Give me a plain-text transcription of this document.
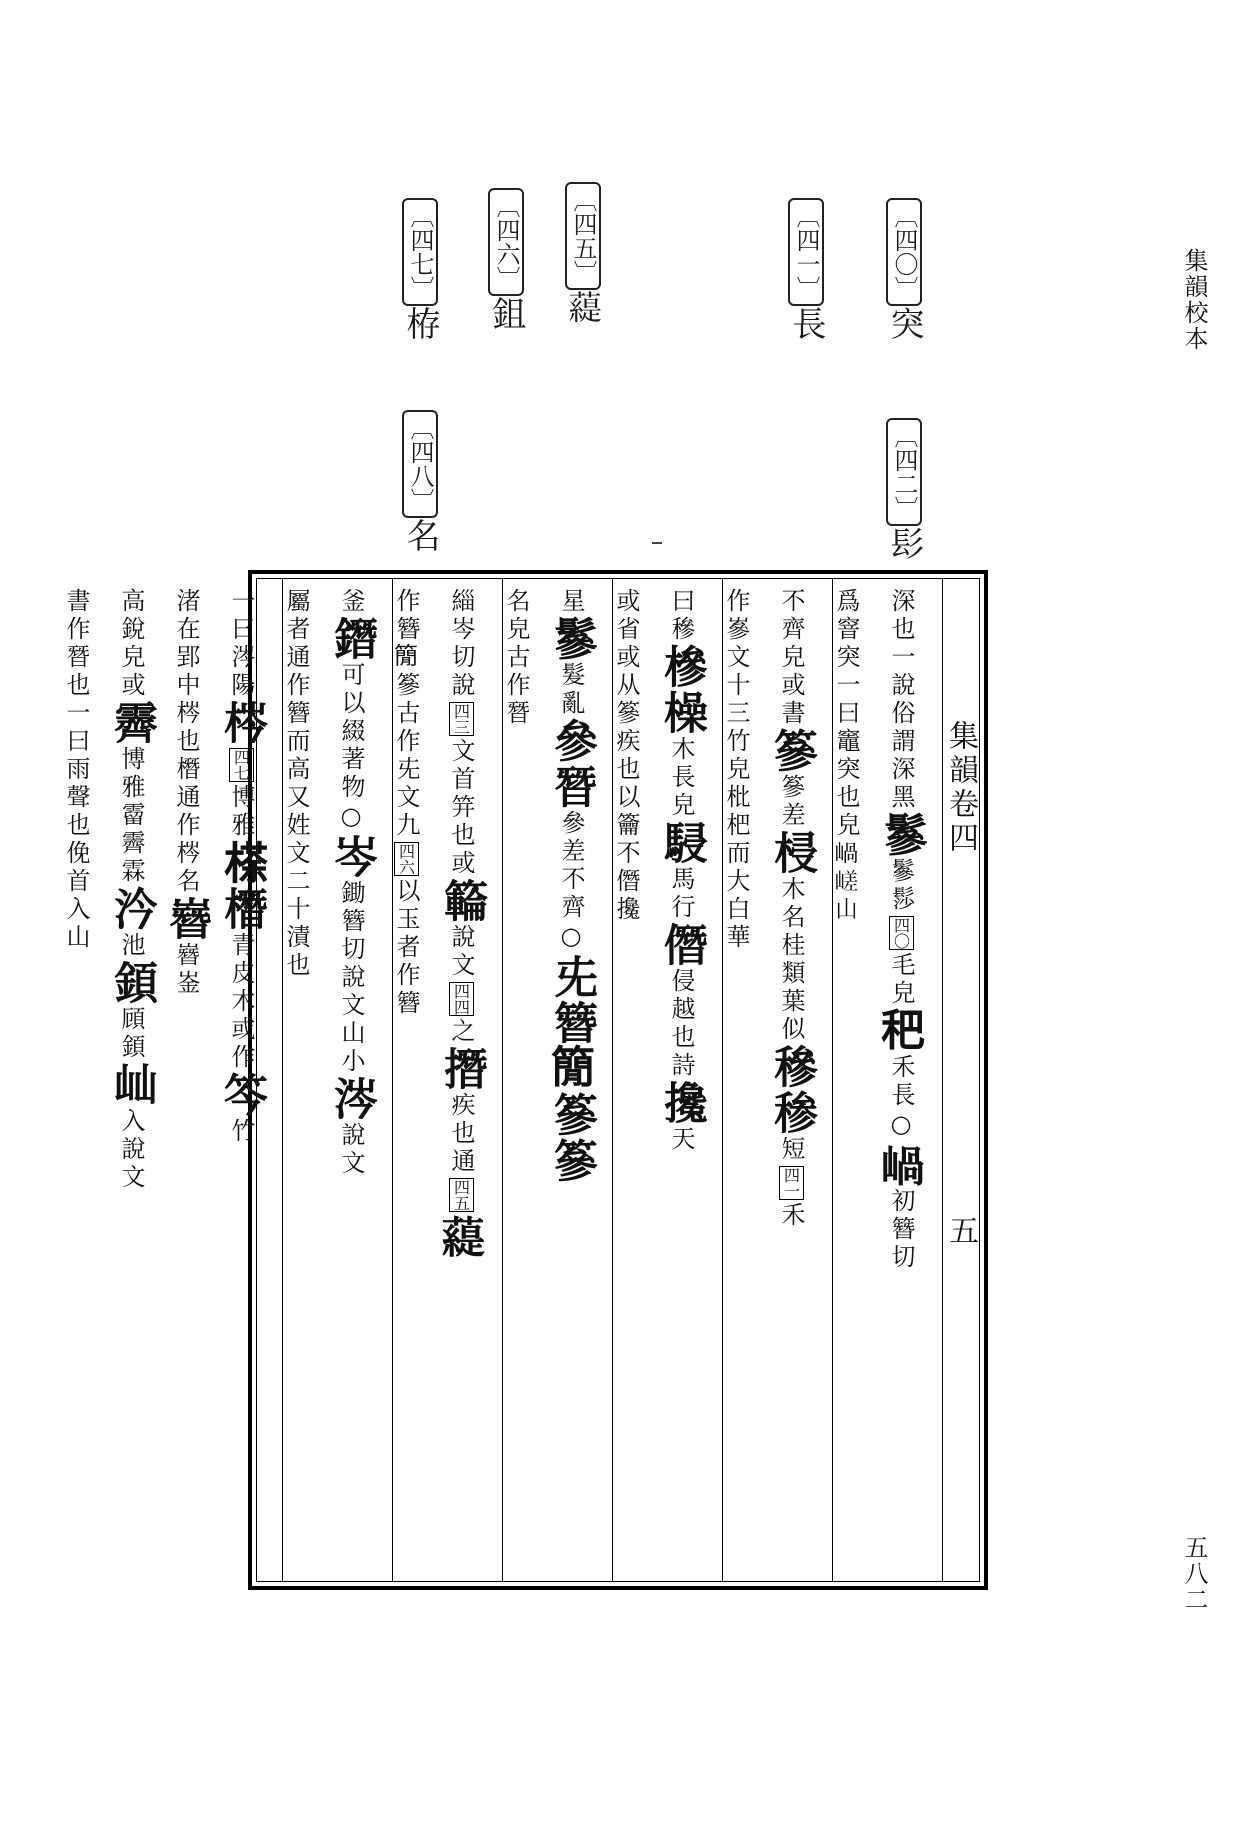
集韻校本
五八二
〔四〇〕突
〔四一〕長
〔四五〕𧀠
〔四六〕鉏
〔四七〕栫
〔四二〕髟
〔四八〕名
集韻卷四
五
深也一說俗謂深黑
鬖
鬖髿
四〇
毛皃
𥝧
禾長
○
𡹬
初簪切
爲窨突一曰竈突也
皃
𡹬嵯山
不齊皃或書
篸
篸差
梫
木名桂類葉似
穇
䅟
短
四一
禾
作嵾文十三
竹皃
枇杷而大白華
曰穇
槮
橾
木長皃
駸
馬行
僭
侵越也詩
攙
天
或省
或从篸
疾也
以籥不僭
攙
星
鬖
髮亂
參
朁
參差不齊
○
兂
簪
𥳑
篸
篸
名
皃
古作朁
緇岑切說
四三
文首笄也或
𥶡
說文
四四
之
撍
疾也通
四五
𧀠
作簪𥳑篸古作兂文九
四六
以玉者
作簪
釜
鐕
可以綴著物
○
岑
鋤簪切說文山小
涔
說文
屬
者通作簪
而高又姓文二十
漬也
一曰涔陽
梣
四七
博雅
𣘻
橬
青皮木或作
笒
竹
渚在郢中
梣也
橬通作梣
名
嶜
嶜崟
高銳皃或
霽
博雅霤霽霖
汵
池
顉
頋顉
屾
入
說文
書作朁
也一曰雨聲
也
俛首
入山
